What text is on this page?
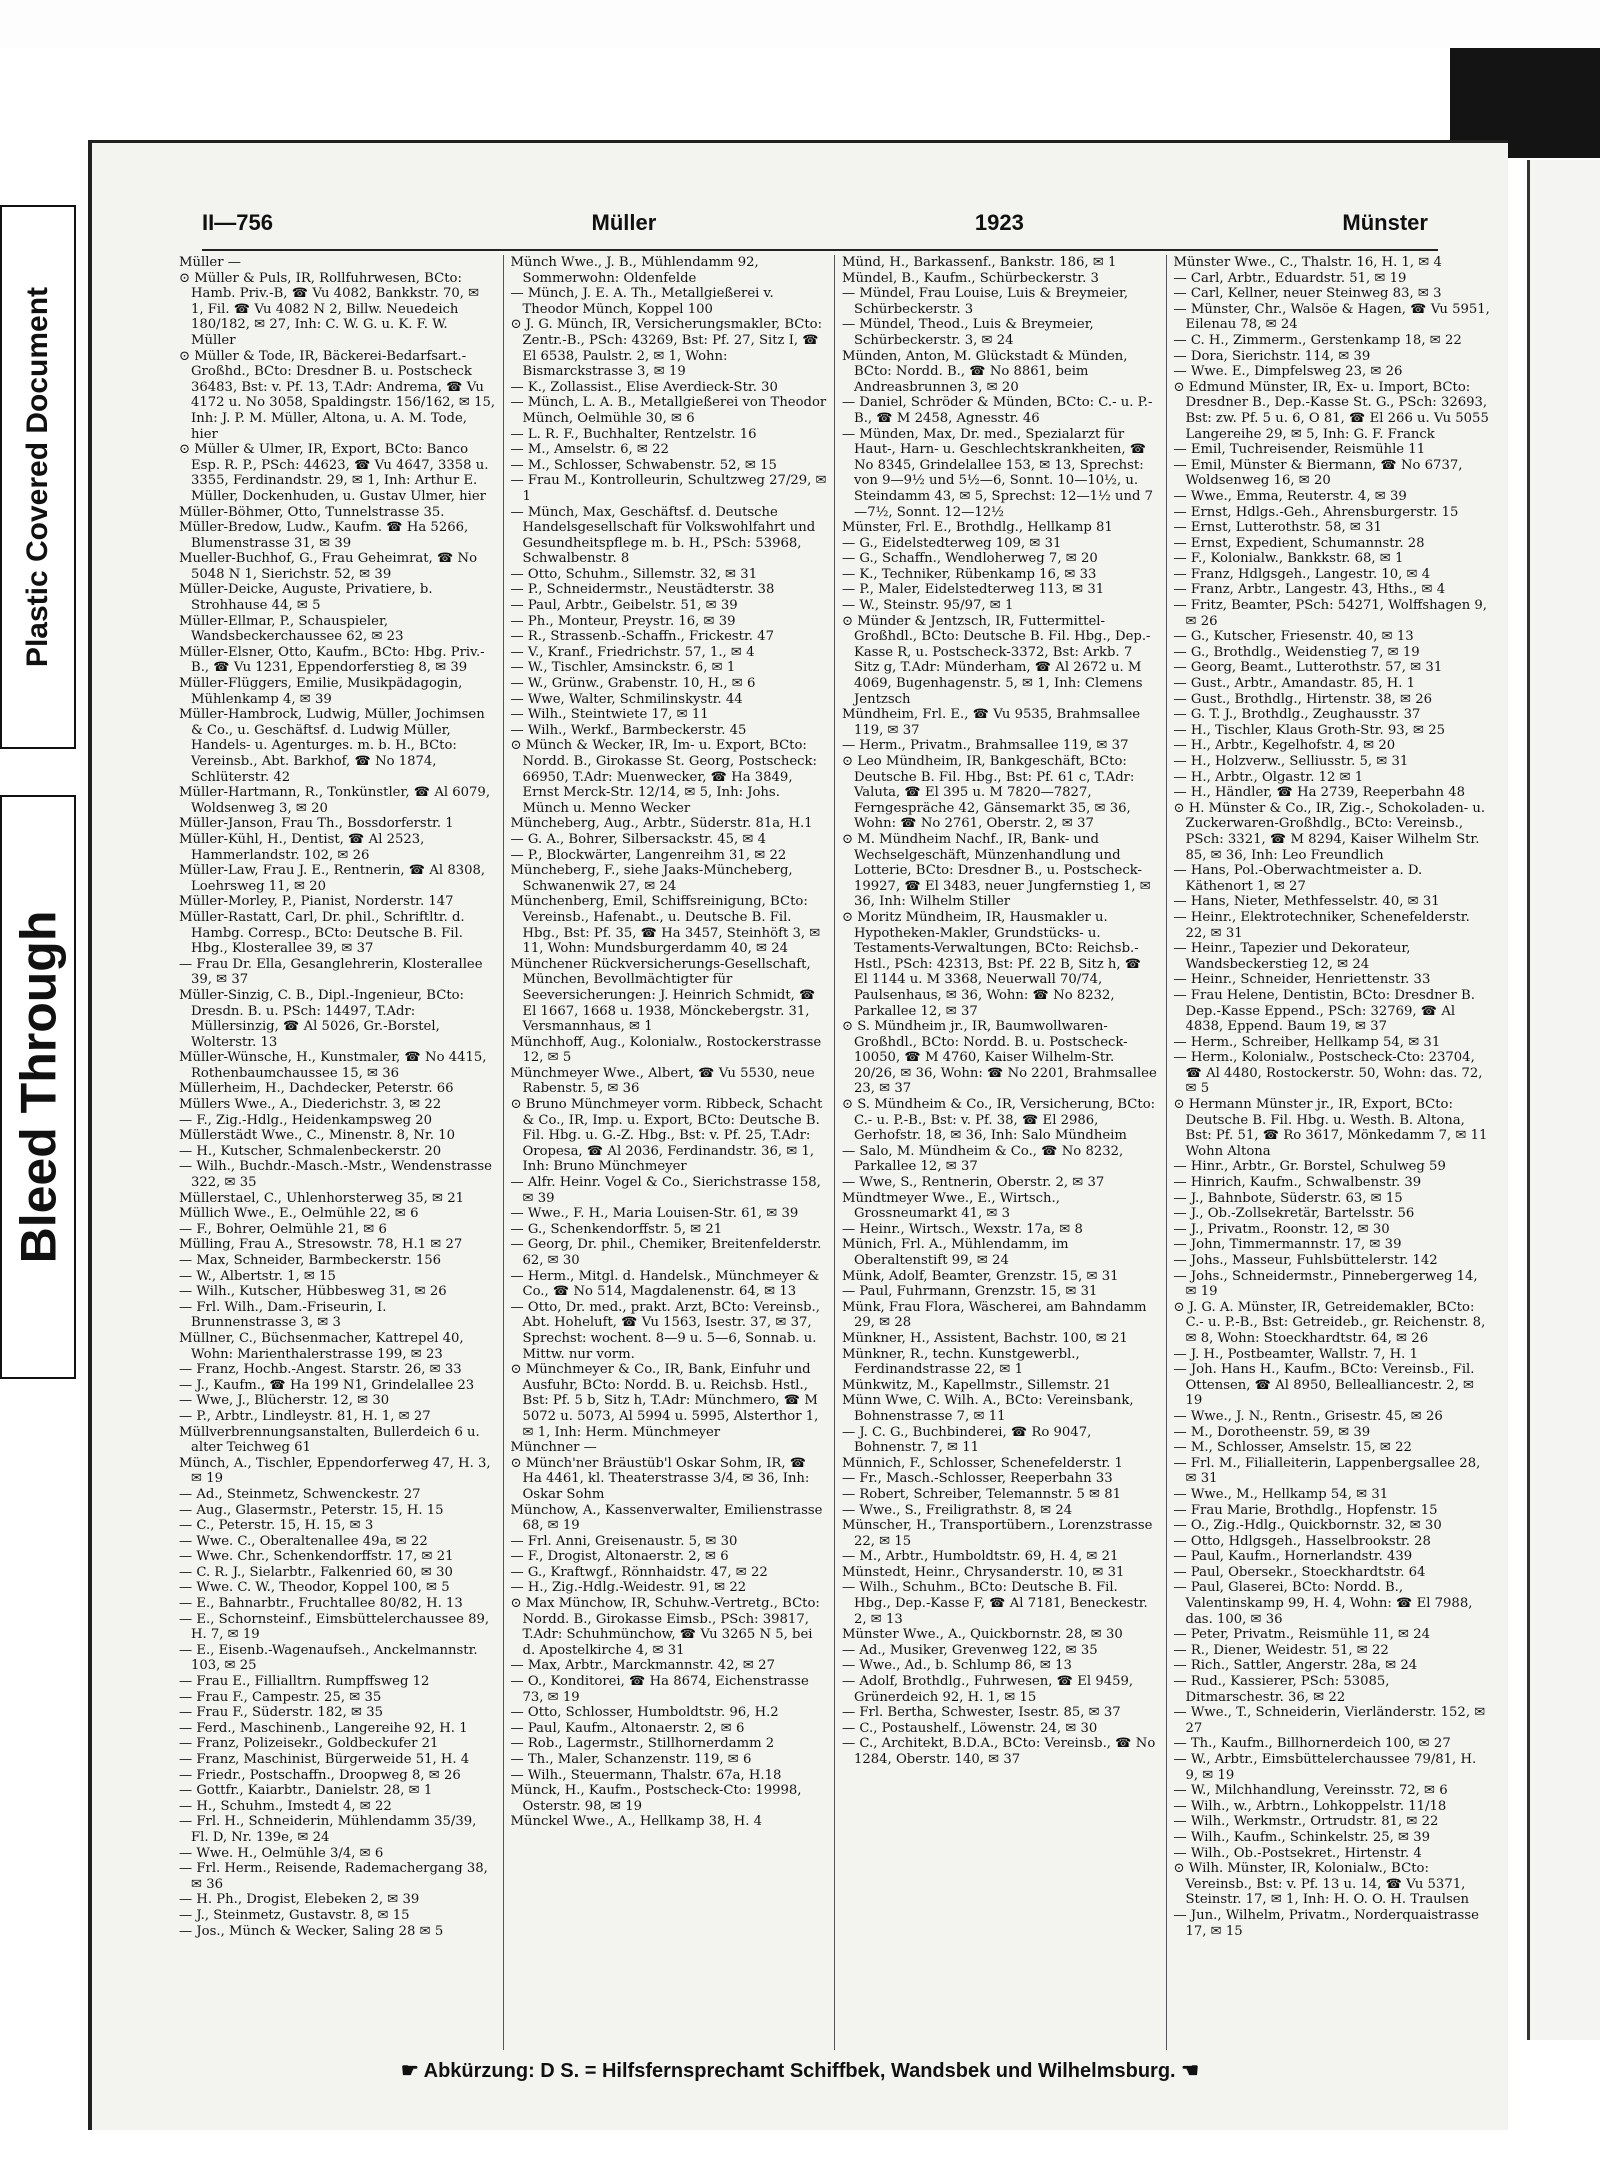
Plastic Covered Document
Bleed Through
II—756	Müller	1923	Münster

Müller —

⊙ Müller & Puls, IR, Rollfuhrwesen, BCto: Hamb. Priv.-B, ☎ Vu 4082, Bankkstr. 70, ✉ 1, Fil. ☎ Vu 4082 N 2, Billw. Neuedeich 180/182, ✉ 27, Inh: C. W. G. u. K. F. W. Müller

⊙ Müller & Tode, IR, Bäckerei-Bedarfsart.-Großhd., BCto: Dresdner B. u. Postscheck 36483, Bst: v. Pf. 13, T.Adr: Andrema, ☎ Vu 4172 u. No 3058, Spaldingstr. 156/162, ✉ 15, Inh: J. P. M. Müller, Altona, u. A. M. Tode, hier

⊙ Müller & Ulmer, IR, Export, BCto: Banco Esp. R. P., PSch: 44623, ☎ Vu 4647, 3358 u. 3355, Ferdinandstr. 29, ✉ 1, Inh: Arthur E. Müller, Dockenhuden, u. Gustav Ulmer, hier

Müller-Böhmer, Otto, Tunnelstrasse 35.

Müller-Bredow, Ludw., Kaufm. ☎ Ha 5266, Blumenstrasse 31, ✉ 39

Mueller-Buchhof, G., Frau Geheimrat, ☎ No 5048 N 1, Sierichstr. 52, ✉ 39

Müller-Deicke, Auguste, Privatiere, b. Strohhause 44, ✉ 5

Müller-Ellmar, P., Schauspieler, Wandsbeckerchaussee 62, ✉ 23

Müller-Elsner, Otto, Kaufm., BCto: Hbg. Priv.-B., ☎ Vu 1231, Eppendorferstieg 8, ✉ 39

Müller-Flüggers, Emilie, Musikpädagogin, Mühlenkamp 4, ✉ 39

Müller-Hambrock, Ludwig, Müller, Jochimsen & Co., u. Geschäftsf. d. Ludwig Müller, Handels- u. Agenturges. m. b. H., BCto: Vereinsb., Abt. Barkhof, ☎ No 1874, Schlüterstr. 42

Müller-Hartmann, R., Tonkünstler, ☎ Al 6079, Woldsenweg 3, ✉ 20

Müller-Janson, Frau Th., Bossdorferstr. 1

Müller-Kühl, H., Dentist, ☎ Al 2523, Hammerlandstr. 102, ✉ 26

Müller-Law, Frau J. E., Rentnerin, ☎ Al 8308, Loehrsweg 11, ✉ 20

Müller-Morley, P., Pianist, Norderstr. 147

Müller-Rastatt, Carl, Dr. phil., Schriftltr. d. Hambg. Corresp., BCto: Deutsche B. Fil. Hbg., Klosterallee 39, ✉ 37

— Frau Dr. Ella, Gesanglehrerin, Klosterallee 39, ✉ 37

Müller-Sinzig, C. B., Dipl.-Ingenieur, BCto: Dresdn. B. u. PSch: 14497, T.Adr: Müllersinzig, ☎ Al 5026, Gr.-Borstel, Wolterstr. 13

Müller-Wünsche, H., Kunstmaler, ☎ No 4415, Rothenbaumchaussee 15, ✉ 36

Müllerheim, H., Dachdecker, Peterstr. 66

Müllers Wwe., A., Diederichstr. 3, ✉ 22

— F., Zig.-Hdlg., Heidenkampsweg 20

Müllerstädt Wwe., C., Minenstr. 8, Nr. 10

— H., Kutscher, Schmalenbeckerstr. 20

— Wilh., Buchdr.-Masch.-Mstr., Wendenstrasse 322, ✉ 35

Müllerstael, C., Uhlenhorsterweg 35, ✉ 21

Müllich Wwe., E., Oelmühle 22, ✉ 6

— F., Bohrer, Oelmühle 21, ✉ 6

Mülling, Frau A., Stresowstr. 78, H.1 ✉ 27

— Max, Schneider, Barmbeckerstr. 156

— W., Albertstr. 1, ✉ 15

— Wilh., Kutscher, Hübbesweg 31, ✉ 26

— Frl. Wilh., Dam.-Friseurin, I. Brunnenstrasse 3, ✉ 3

Müllner, C., Büchsenmacher, Kattrepel 40, Wohn: Marienthalerstrasse 199, ✉ 23

— Franz, Hochb.-Angest. Starstr. 26, ✉ 33

— J., Kaufm., ☎ Ha 199 N1, Grindelallee 23

— Wwe, J., Blücherstr. 12, ✉ 30

— P., Arbtr., Lindleystr. 81, H. 1, ✉ 27

Müllverbrennungsanstalten, Bullerdeich 6 u. alter Teichweg 61

Münch, A., Tischler, Eppendorferweg 47, H. 3, ✉ 19

— Ad., Steinmetz, Schwenckestr. 27

— Aug., Glasermstr., Peterstr. 15, H. 15

— C., Peterstr. 15, H. 15, ✉ 3

— Wwe. C., Oberaltenallee 49a, ✉ 22

— Wwe. Chr., Schenkendorffstr. 17, ✉ 21

— C. R. J., Sielarbtr., Falkenried 60, ✉ 30

— Wwe. C. W., Theodor, Koppel 100, ✉ 5

— E., Bahnarbtr., Fruchtallee 80/82, H. 13

— E., Schornsteinf., Eimsbüttelerchaussee 89, H. 7, ✉ 19

— E., Eisenb.-Wagenaufseh., Anckelmannstr. 103, ✉ 25

— Frau E., Fillialltrn. Rumpffsweg 12

— Frau F., Campestr. 25, ✉ 35

— Frau F., Süderstr. 182, ✉ 35

— Ferd., Maschinenb., Langereihe 92, H. 1

— Franz, Polizeisekr., Goldbeckufer 21

— Franz, Maschinist, Bürgerweide 51, H. 4

— Friedr., Postschaffn., Droopweg 8, ✉ 26

— Gottfr., Kaiarbtr., Danielstr. 28, ✉ 1

— H., Schuhm., Imstedt 4, ✉ 22

— Frl. H., Schneiderin, Mühlendamm 35/39, Fl. D, Nr. 139e, ✉ 24

— Wwe. H., Oelmühle 3/4, ✉ 6

— Frl. Herm., Reisende, Rademachergang 38, ✉ 36

— H. Ph., Drogist, Elebeken 2, ✉ 39

— J., Steinmetz, Gustavstr. 8, ✉ 15

— Jos., Münch & Wecker, Saling 28 ✉ 5

Münch Wwe., J. B., Mühlendamm 92, Sommerwohn: Oldenfelde

— Münch, J. E. A. Th., Metallgießerei v. Theodor Münch, Koppel 100

⊙ J. G. Münch, IR, Versicherungsmakler, BCto: Zentr.-B., PSch: 43269, Bst: Pf. 27, Sitz I, ☎ El 6538, Paulstr. 2, ✉ 1, Wohn: Bismarckstrasse 3, ✉ 19

— K., Zollassist., Elise Averdieck-Str. 30

— Münch, L. A. B., Metallgießerei von Theodor Münch, Oelmühle 30, ✉ 6

— L. R. F., Buchhalter, Rentzelstr. 16

— M., Amselstr. 6, ✉ 22

— M., Schlosser, Schwabenstr. 52, ✉ 15

— Frau M., Kontrolleurin, Schultzweg 27/29, ✉ 1

— Münch, Max, Geschäftsf. d. Deutsche Handelsgesellschaft für Volkswohlfahrt und Gesundheitspflege m. b. H., PSch: 53968, Schwalbenstr. 8

— Otto, Schuhm., Sillemstr. 32, ✉ 31

— P., Schneidermstr., Neustädterstr. 38

— Paul, Arbtr., Geibelstr. 51, ✉ 39

— Ph., Monteur, Preystr. 16, ✉ 39

— R., Strassenb.-Schaffn., Frickestr. 47

— V., Kranf., Friedrichstr. 57, 1., ✉ 4

— W., Tischler, Amsinckstr. 6, ✉ 1

— W., Grünw., Grabenstr. 10, H., ✉ 6

— Wwe, Walter, Schmilinskystr. 44

— Wilh., Steintwiete 17, ✉ 11

— Wilh., Werkf., Barmbeckerstr. 45

⊙ Münch & Wecker, IR, Im- u. Export, BCto: Nordd. B., Girokasse St. Georg, Postscheck: 66950, T.Adr: Muenwecker, ☎ Ha 3849, Ernst Merck-Str. 12/14, ✉ 5, Inh: Johs. Münch u. Menno Wecker

Müncheberg, Aug., Arbtr., Süderstr. 81a, H.1

— G. A., Bohrer, Silbersackstr. 45, ✉ 4

— P., Blockwärter, Langenreihm 31, ✉ 22

Müncheberg, F., siehe Jaaks-Müncheberg, Schwanenwik 27, ✉ 24

Münchenberg, Emil, Schiffsreinigung, BCto: Vereinsb., Hafenabt., u. Deutsche B. Fil. Hbg., Bst: Pf. 35, ☎ Ha 3457, Steinhöft 3, ✉ 11, Wohn: Mundsburgerdamm 40, ✉ 24

Münchener Rückversicherungs-Gesellschaft, München, Bevollmächtigter für Seeversicherungen: J. Heinrich Schmidt, ☎ El 1667, 1668 u. 1938, Mönckebergstr. 31, Versmannhaus, ✉ 1

Münchhoff, Aug., Kolonialw., Rostockerstrasse 12, ✉ 5

Münchmeyer Wwe., Albert, ☎ Vu 5530, neue Rabenstr. 5, ✉ 36

⊙ Bruno Münchmeyer vorm. Ribbeck, Schacht & Co., IR, Imp. u. Export, BCto: Deutsche B. Fil. Hbg. u. G.-Z. Hbg., Bst: v. Pf. 25, T.Adr: Oropesa, ☎ Al 2036, Ferdinandstr. 36, ✉ 1, Inh: Bruno Münchmeyer

— Alfr. Heinr. Vogel & Co., Sierichstrasse 158, ✉ 39

— Wwe., F. H., Maria Louisen-Str. 61, ✉ 39

— G., Schenkendorffstr. 5, ✉ 21

— Georg, Dr. phil., Chemiker, Breitenfelderstr. 62, ✉ 30

— Herm., Mitgl. d. Handelsk., Münchmeyer & Co., ☎ No 514, Magdalenenstr. 64, ✉ 13

— Otto, Dr. med., prakt. Arzt, BCto: Vereinsb., Abt. Hoheluft, ☎ Vu 1563, Isestr. 37, ✉ 37, Sprechst: wochent. 8—9 u. 5—6, Sonnab. u. Mittw. nur vorm.

⊙ Münchmeyer & Co., IR, Bank, Einfuhr und Ausfuhr, BCto: Nordd. B. u. Reichsb. Hstl., Bst: Pf. 5 b, Sitz h, T.Adr: Münchmero, ☎ M 5072 u. 5073, Al 5994 u. 5995, Alsterthor 1, ✉ 1, Inh: Herm. Münchmeyer

Münchner —

⊙ Münch'ner Bräustüb'l Oskar Sohm, IR, ☎ Ha 4461, kl. Theaterstrasse 3/4, ✉ 36, Inh: Oskar Sohm

Münchow, A., Kassenverwalter, Emilienstrasse 68, ✉ 19

— Frl. Anni, Greisenaustr. 5, ✉ 30

— F., Drogist, Altonaerstr. 2, ✉ 6

— G., Kraftwgf., Rönnhaidstr. 47, ✉ 22

— H., Zig.-Hdlg.-Weidestr. 91, ✉ 22

⊙ Max Münchow, IR, Schuhw.-Vertretg., BCto: Nordd. B., Girokasse Eimsb., PSch: 39817, T.Adr: Schuhmünchow, ☎ Vu 3265 N 5, bei d. Apostelkirche 4, ✉ 31

— Max, Arbtr., Marckmannstr. 42, ✉ 27

— O., Konditorei, ☎ Ha 8674, Eichenstrasse 73, ✉ 19

— Otto, Schlosser, Humboldtstr. 96, H.2

— Paul, Kaufm., Altonaerstr. 2, ✉ 6

— Rob., Lagermstr., Stillhornerdamm 2

— Th., Maler, Schanzenstr. 119, ✉ 6

— Wilh., Steuermann, Thalstr. 67a, H.18

Münck, H., Kaufm., Postscheck-Cto: 19998, Osterstr. 98, ✉ 19

Münckel Wwe., A., Hellkamp 38, H. 4

Münd, H., Barkassenf., Bankstr. 186, ✉ 1

Mündel, B., Kaufm., Schürbeckerstr. 3

— Mündel, Frau Louise, Luis & Breymeier, Schürbeckerstr. 3

— Mündel, Theod., Luis & Breymeier, Schürbeckerstr. 3, ✉ 24

Münden, Anton, M. Glückstadt & Münden, BCto: Nordd. B., ☎ No 8861, beim Andreasbrunnen 3, ✉ 20

— Daniel, Schröder & Münden, BCto: C.- u. P.-B., ☎ M 2458, Agnesstr. 46

— Münden, Max, Dr. med., Spezialarzt für Haut-, Harn- u. Geschlechtskrankheiten, ☎ No 8345, Grindelallee 153, ✉ 13, Sprechst: von 9—9½ und 5½—6, Sonnt. 10—10½, u. Steindamm 43, ✉ 5, Sprechst: 12—1½ und 7—7½, Sonnt. 12—12½

Münster, Frl. E., Brothdlg., Hellkamp 81

— G., Eidelstedterweg 109, ✉ 31

— G., Schaffn., Wendloherweg 7, ✉ 20

— K., Techniker, Rübenkamp 16, ✉ 33

— P., Maler, Eidelstedterweg 113, ✉ 31

— W., Steinstr. 95/97, ✉ 1

⊙ Münder & Jentzsch, IR, Futtermittel-Großhdl., BCto: Deutsche B. Fil. Hbg., Dep.-Kasse R, u. Postscheck-3372, Bst: Arkb. 7 Sitz g, T.Adr: Münderham, ☎ Al 2672 u. M 4069, Bugenhagenstr. 5, ✉ 1, Inh: Clemens Jentzsch

Mündheim, Frl. E., ☎ Vu 9535, Brahmsallee 119, ✉ 37

— Herm., Privatm., Brahmsallee 119, ✉ 37

⊙ Leo Mündheim, IR, Bankgeschäft, BCto: Deutsche B. Fil. Hbg., Bst: Pf. 61 c, T.Adr: Valuta, ☎ El 395 u. M 7820—7827, Ferngespräche 42, Gänsemarkt 35, ✉ 36, Wohn: ☎ No 2761, Oberstr. 2, ✉ 37

⊙ M. Mündheim Nachf., IR, Bank- und Wechselgeschäft, Münzenhandlung und Lotterie, BCto: Dresdner B., u. Postscheck-19927, ☎ El 3483, neuer Jungfernstieg 1, ✉ 36, Inh: Wilhelm Stiller

⊙ Moritz Mündheim, IR, Hausmakler u. Hypotheken-Makler, Grundstücks- u. Testaments-Verwaltungen, BCto: Reichsb.-Hstl., PSch: 42313, Bst: Pf. 22 B, Sitz h, ☎ El 1144 u. M 3368, Neuerwall 70/74, Paulsenhaus, ✉ 36, Wohn: ☎ No 8232, Parkallee 12, ✉ 37

⊙ S. Mündheim jr., IR, Baumwollwaren-Großhdl., BCto: Nordd. B. u. Postscheck-10050, ☎ M 4760, Kaiser Wilhelm-Str. 20/26, ✉ 36, Wohn: ☎ No 2201, Brahmsallee 23, ✉ 37

⊙ S. Mündheim & Co., IR, Versicherung, BCto: C.- u. P.-B., Bst: v. Pf. 38, ☎ El 2986, Gerhofstr. 18, ✉ 36, Inh: Salo Mündheim

— Salo, M. Mündheim & Co., ☎ No 8232, Parkallee 12, ✉ 37

— Wwe, S., Rentnerin, Oberstr. 2, ✉ 37

Mündtmeyer Wwe., E., Wirtsch., Grossneumarkt 41, ✉ 3

— Heinr., Wirtsch., Wexstr. 17a, ✉ 8

Münich, Frl. A., Mühlendamm, im Oberaltenstift 99, ✉ 24

Münk, Adolf, Beamter, Grenzstr. 15, ✉ 31

— Paul, Fuhrmann, Grenzstr. 15, ✉ 31

Münk, Frau Flora, Wäscherei, am Bahndamm 29, ✉ 28

Münkner, H., Assistent, Bachstr. 100, ✉ 21

Münkner, R., techn. Kunstgewerbl., Ferdinandstrasse 22, ✉ 1

Münkwitz, M., Kapellmstr., Sillemstr. 21

Münn Wwe, C. Wilh. A., BCto: Vereinsbank, Bohnenstrasse 7, ✉ 11

— J. C. G., Buchbinderei, ☎ Ro 9047, Bohnenstr. 7, ✉ 11

Münnich, F., Schlosser, Schenefelderstr. 1

— Fr., Masch.-Schlosser, Reeperbahn 33

— Robert, Schreiber, Telemannstr. 5 ✉ 81

— Wwe., S., Freiligrathstr. 8, ✉ 24

Münscher, H., Transportübern., Lorenzstrasse 22, ✉ 15

— M., Arbtr., Humboldtstr. 69, H. 4, ✉ 21

Münstedt, Heinr., Chrysanderstr. 10, ✉ 31

— Wilh., Schuhm., BCto: Deutsche B. Fil. Hbg., Dep.-Kasse F, ☎ Al 7181, Beneckestr. 2, ✉ 13

Münster Wwe., A., Quickbornstr. 28, ✉ 30

— Ad., Musiker, Grevenweg 122, ✉ 35

— Wwe., Ad., b. Schlump 86, ✉ 13

— Adolf, Brothdlg., Fuhrwesen, ☎ El 9459, Grünerdeich 92, H. 1, ✉ 15

— Frl. Bertha, Schwester, Isestr. 85, ✉ 37

— C., Postaushelf., Löwenstr. 24, ✉ 30

— C., Architekt, B.D.A., BCto: Vereinsb., ☎ No 1284, Oberstr. 140, ✉ 37

Münster Wwe., C., Thalstr. 16, H. 1, ✉ 4

— Carl, Arbtr., Eduardstr. 51, ✉ 19

— Carl, Kellner, neuer Steinweg 83, ✉ 3

— Münster, Chr., Walsöe & Hagen, ☎ Vu 5951, Eilenau 78, ✉ 24

— C. H., Zimmerm., Gerstenkamp 18, ✉ 22

— Dora, Sierichstr. 114, ✉ 39

— Wwe. E., Dimpfelsweg 23, ✉ 26

⊙ Edmund Münster, IR, Ex- u. Import, BCto: Dresdner B., Dep.-Kasse St. G., PSch: 32693, Bst: zw. Pf. 5 u. 6, O 81, ☎ El 266 u. Vu 5055 Langereihe 29, ✉ 5, Inh: G. F. Franck

— Emil, Tuchreisender, Reismühle 11

— Emil, Münster & Biermann, ☎ No 6737, Woldsenweg 16, ✉ 20

— Wwe., Emma, Reuterstr. 4, ✉ 39

— Ernst, Hdlgs.-Geh., Ahrensburgerstr. 15

— Ernst, Lutterothstr. 58, ✉ 31

— Ernst, Expedient, Schumannstr. 28

— F., Kolonialw., Bankkstr. 68, ✉ 1

— Franz, Hdlgsgeh., Langestr. 10, ✉ 4

— Franz, Arbtr., Langestr. 43, Hths., ✉ 4

— Fritz, Beamter, PSch: 54271, Wolffshagen 9, ✉ 26

— G., Kutscher, Friesenstr. 40, ✉ 13

— G., Brothdlg., Weidenstieg 7, ✉ 19

— Georg, Beamt., Lutterothstr. 57, ✉ 31

— Gust., Arbtr., Amandastr. 85, H. 1

— Gust., Brothdlg., Hirtenstr. 38, ✉ 26

— G. T. J., Brothdlg., Zeughausstr. 37

— H., Tischler, Klaus Groth-Str. 93, ✉ 25

— H., Arbtr., Kegelhofstr. 4, ✉ 20

— H., Holzverw., Selliusstr. 5, ✉ 31

— H., Arbtr., Olgastr. 12 ✉ 1

— H., Händler, ☎ Ha 2739, Reeperbahn 48

⊙ H. Münster & Co., IR, Zig.-, Schokoladen- u. Zuckerwaren-Großhdlg., BCto: Vereinsb., PSch: 3321, ☎ M 8294, Kaiser Wilhelm Str. 85, ✉ 36, Inh: Leo Freundlich

— Hans, Pol.-Oberwachtmeister a. D. Käthenort 1, ✉ 27

— Hans, Nieter, Methfesselstr. 40, ✉ 31

— Heinr., Elektrotechniker, Schenefelderstr. 22, ✉ 31

— Heinr., Tapezier und Dekorateur, Wandsbeckerstieg 12, ✉ 24

— Heinr., Schneider, Henriettenstr. 33

— Frau Helene, Dentistin, BCto: Dresdner B. Dep.-Kasse Eppend., PSch: 32769, ☎ Al 4838, Eppend. Baum 19, ✉ 37

— Herm., Schreiber, Hellkamp 54, ✉ 31

— Herm., Kolonialw., Postscheck-Cto: 23704, ☎ Al 4480, Rostockerstr. 50, Wohn: das. 72, ✉ 5

⊙ Hermann Münster jr., IR, Export, BCto: Deutsche B. Fil. Hbg. u. Westh. B. Altona, Bst: Pf. 51, ☎ Ro 3617, Mönkedamm 7, ✉ 11 Wohn Altona

— Hinr., Arbtr., Gr. Borstel, Schulweg 59

— Hinrich, Kaufm., Schwalbenstr. 39

— J., Bahnbote, Süderstr. 63, ✉ 15

— J., Ob.-Zollsekretär, Bartelsstr. 56

— J., Privatm., Roonstr. 12, ✉ 30

— John, Timmermannstr. 17, ✉ 39

— Johs., Masseur, Fuhlsbüttelerstr. 142

— Johs., Schneidermstr., Pinnebergerweg 14, ✉ 19

⊙ J. G. A. Münster, IR, Getreidemakler, BCto: C.- u. P.-B., Bst: Getreideb., gr. Reichenstr. 8, ✉ 8, Wohn: Stoeckhardtstr. 64, ✉ 26

— J. H., Postbeamter, Wallstr. 7, H. 1

— Joh. Hans H., Kaufm., BCto: Vereinsb., Fil. Ottensen, ☎ Al 8950, Bellealliancestr. 2, ✉ 19

— Wwe., J. N., Rentn., Grisestr. 45, ✉ 26

— M., Dorotheenstr. 59, ✉ 39

— M., Schlosser, Amselstr. 15, ✉ 22

— Frl. M., Filialleiterin, Lappenbergsallee 28, ✉ 31

— Wwe., M., Hellkamp 54, ✉ 31

— Frau Marie, Brothdlg., Hopfenstr. 15

— O., Zig.-Hdlg., Quickbornstr. 32, ✉ 30

— Otto, Hdlgsgeh., Hasselbrookstr. 28

— Paul, Kaufm., Hornerlandstr. 439

— Paul, Obersekr., Stoeckhardtstr. 64

— Paul, Glaserei, BCto: Nordd. B., Valentinskamp 99, H. 4, Wohn: ☎ El 7988, das. 100, ✉ 36

— Peter, Privatm., Reismühle 11, ✉ 24

— R., Diener, Weidestr. 51, ✉ 22

— Rich., Sattler, Angerstr. 28a, ✉ 24

— Rud., Kassierer, PSch: 53085, Ditmarschestr. 36, ✉ 22

— Wwe., T., Schneiderin, Vierländerstr. 152, ✉ 27

— Th., Kaufm., Billhornerdeich 100, ✉ 27

— W., Arbtr., Eimsbüttelerchaussee 79/81, H. 9, ✉ 19

— W., Milchhandlung, Vereinsstr. 72, ✉ 6

— Wilh., w., Arbtrn., Lohkoppelstr. 11/18

— Wilh., Werkmstr., Ortrudstr. 81, ✉ 22

— Wilh., Kaufm., Schinkelstr. 25, ✉ 39

— Wilh., Ob.-Postsekret., Hirtenstr. 4

⊙ Wilh. Münster, IR, Kolonialw., BCto: Vereinsb., Bst: v. Pf. 13 u. 14, ☎ Vu 5371, Steinstr. 17, ✉ 1, Inh: H. O. O. H. Traulsen

— Jun., Wilhelm, Privatm., Norderquaistrasse 17, ✉ 15

☛ Abkürzung: D S. = Hilfsfernsprechamt Schiffbek, Wandsbek und Wilhelmsburg. ☚
